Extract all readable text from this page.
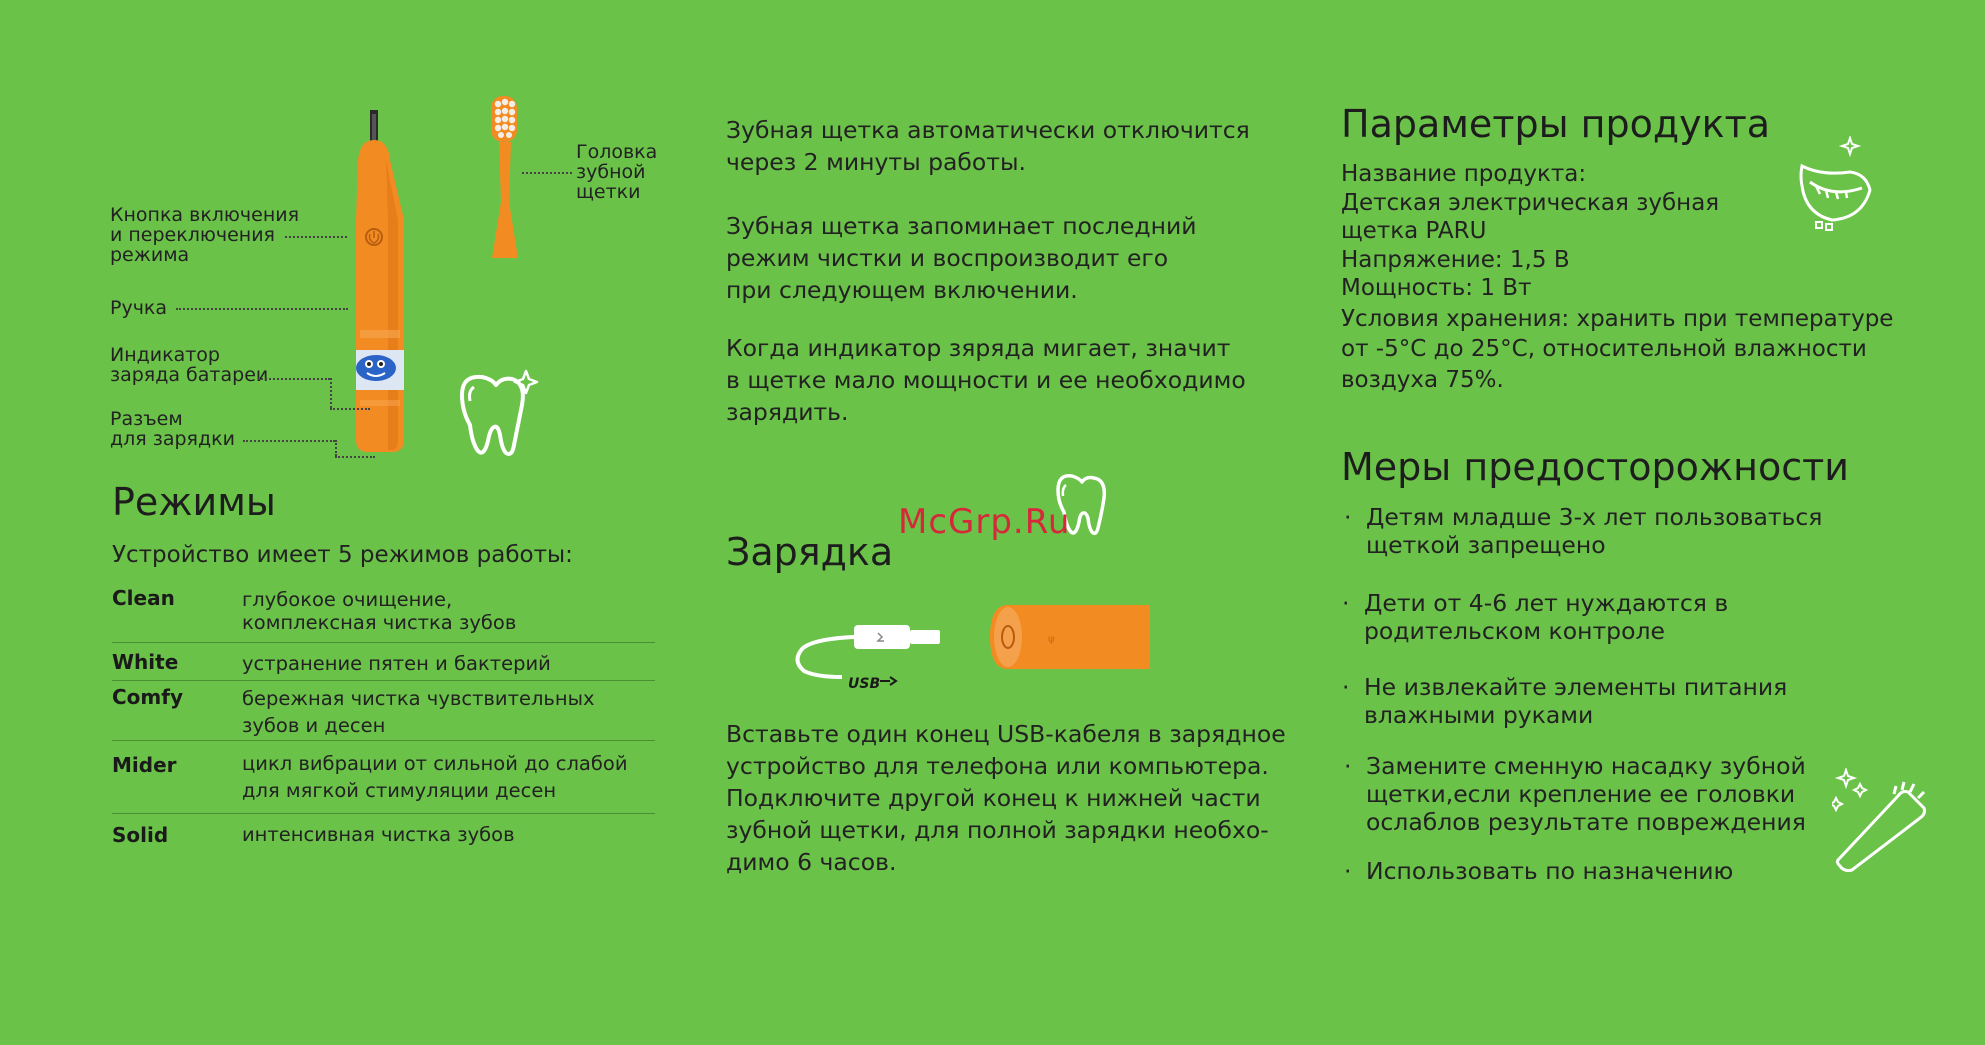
Кнопка включения
и переключения
режима
Ручка
Индикатор
заряда батареи
Разъем
для зарядки
Головка
зубной
щетки
Режимы
Устройство имеет 5 режимов работы:
Clean	глубокое очищение,
комплексная чистка зубов
White	устранение пятен и бактерий
Comfy	бережная чистка чувствительных
зубов и десен
Mider	цикл вибрации от сильной до слабой
для мягкой стимуляции десен
Solid	интенсивная чистка зубов
Зубная щетка автоматически отключится
через 2 минуты работы.
Зубная щетка запоминает последний
режим чистки и воспроизводит его
при следующем включении.
Когда индикатор зяряда мигает, значит
в щетке мало мощности и ее необходимо
зарядить.
Зарядка
USB
ψ
Вставьте один конец USB-кабеля в зарядное
устройство для телефона или компьютера.
Подключите другой конец к нижней части
зубной щетки, для полной зарядки необхо-
димо 6 часов.
Параметры продукта
Название продукта:
Детская электрическая зубная
щетка PARU
Напряжение: 1,5 В
Мощность: 1 Вт
Условия хранения: хранить при температуре
от -5°С до 25°С, относительной влажности
воздуха 75%.
Меры предосторожности
· Детям младше 3-х лет пользоваться
щеткой запрещено
· Дети от 4-6 лет нуждаются в
родительском контроле
· Не извлекайте элементы питания
влажными руками
· Замените сменную насадку зубной
щетки,если крепление ее головки
ослаблов результате повреждения
· Использовать по назначению
McGrp.Ru
